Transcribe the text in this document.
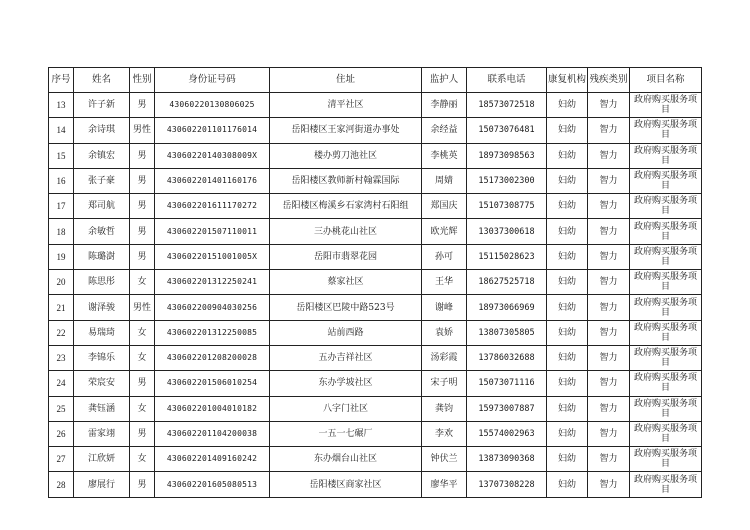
序号	姓名	性别	身份证号码	住址	监护人	联系电话	康复机构	残疾类别	项目名称
13	许子新	男	43060220130806025	清平社区	李静丽	18573072518	妇幼	智力	政府购买服务项目
14	余诗琪	男性	430602201101176014	岳阳楼区王家河街道办事处	余经益	15073076481	妇幼	智力	政府购买服务项目
15	余镇宏	男	43060220140308009X	楼办剪刀池社区	李桃英	18973098563	妇幼	智力	政府购买服务项目
16	张子豪	男	430602201401160176	岳阳楼区教师新村翰霖国际	周婧	15173002300	妇幼	智力	政府购买服务项目
17	郑司航	男	430602201611170272	岳阳楼区梅溪乡石家湾村石阳组	郑国庆	15107308775	妇幼	智力	政府购买服务项目
18	余敏哲	男	430602201507110011	三办桃花山社区	欧光辉	13037300618	妇幼	智力	政府购买服务项目
19	陈璐澍	男	43060220151001005X	岳阳市翡翠花园	孙可	15115028623	妇幼	智力	政府购买服务项目
20	陈思彤	女	430602201312250241	蔡家社区	王华	18627525718	妇幼	智力	政府购买服务项目
21	谢泽骏	男性	430602200904030256	岳阳楼区巴陵中路523号	谢峰	18973066969	妇幼	智力	政府购买服务项目
22	易瑞琦	女	430602201312250085	站前西路	袁娇	13807305805	妇幼	智力	政府购买服务项目
23	李锦乐	女	430602201208200028	五办吉祥社区	汤彩霞	13786032688	妇幼	智力	政府购买服务项目
24	荣宸安	男	430602201506010254	东办学坡社区	宋子明	15073071116	妇幼	智力	政府购买服务项目
25	龚钰涵	女	430602201004010182	八字门社区	龚钧	15973007887	妇幼	智力	政府购买服务项目
26	雷家翊	男	430602201104200038	一五一七碾厂	李欢	15574002963	妇幼	智力	政府购买服务项目
27	江欣妍	女	430602201409160242	东办烟台山社区	钟伏兰	13873090368	妇幼	智力	政府购买服务项目
28	廖展行	男	430602201605080513	岳阳楼区商家社区	廖华平	13707308228	妇幼	智力	政府购买服务项目
